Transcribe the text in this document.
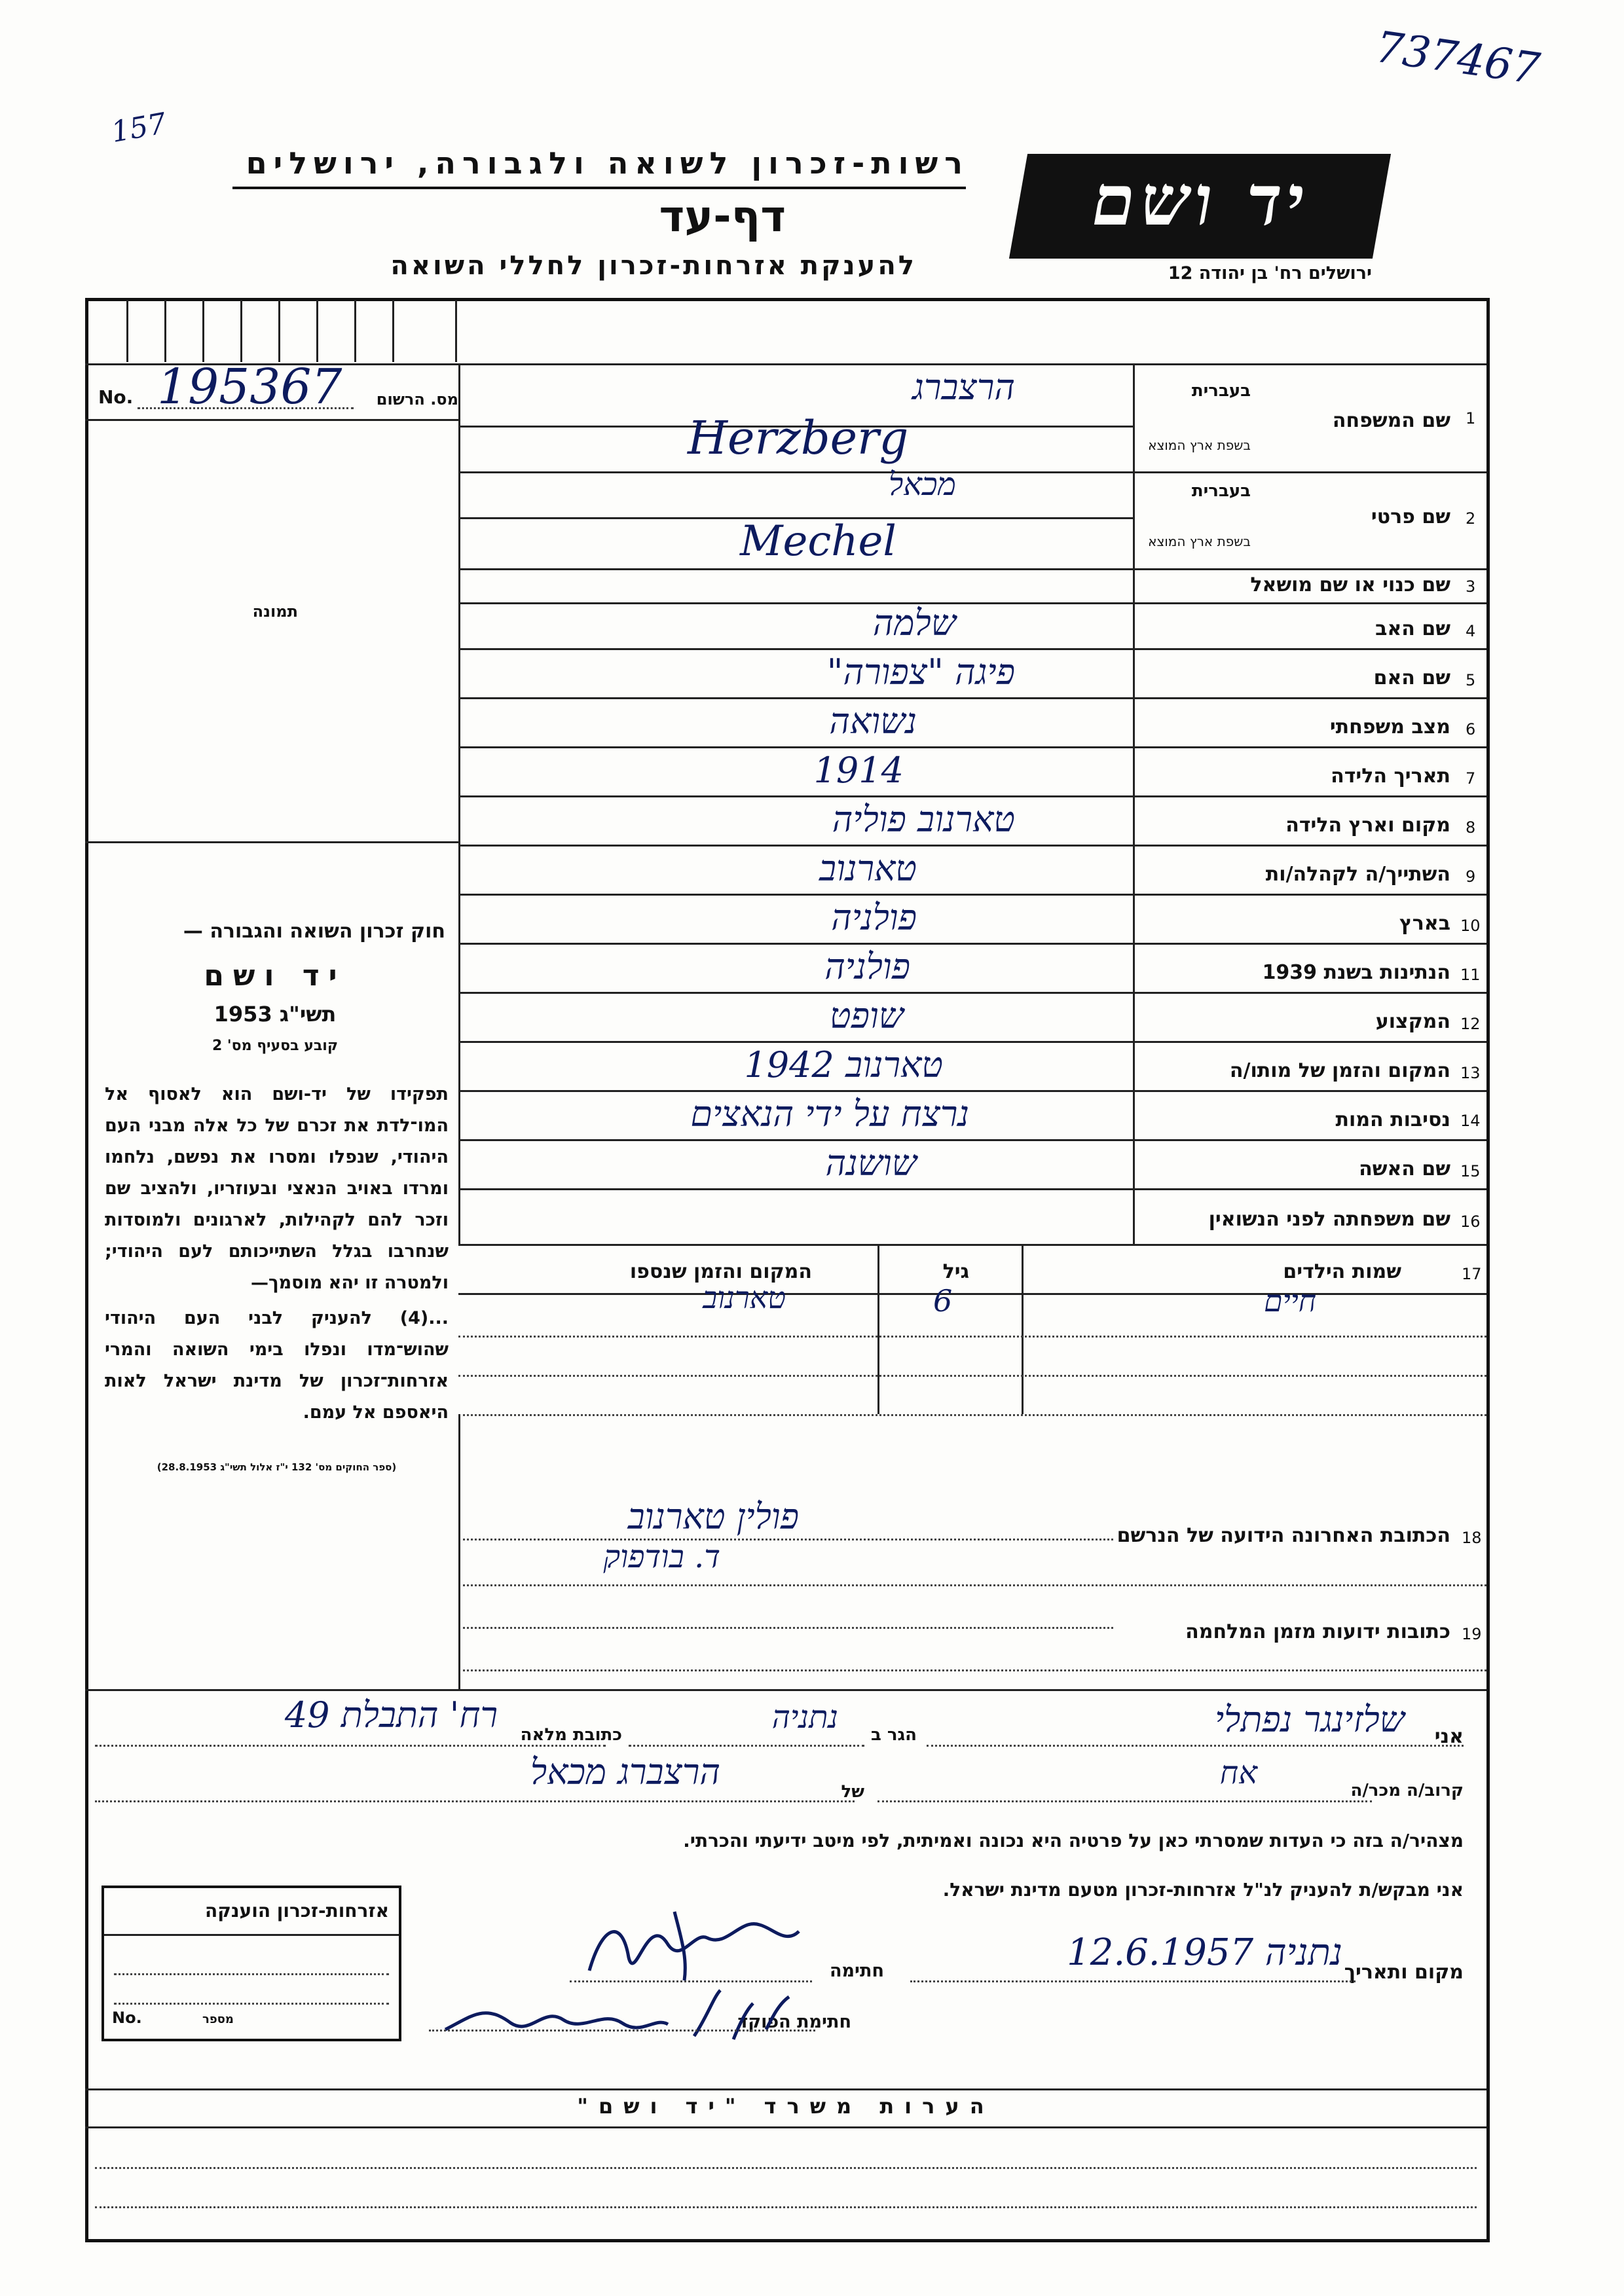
157
737467
רשות-זכרון לשואה ולגבורה, ירושלים
דף-עד
להענקת אזרחות-זכרון לחללי השואה
יד ושם
ירושלים רח' בן יהודה 12
No. 195367 מס. הרשום
תמונה
חוק זכרון השואה והגבורה —
יד ושם
תשי"ג 1953
קובע בסעיף מס' 2
תפקידו של יד-ושם הוא לאסוף אל המו־לדת את זכרם של כל אלה מבני העם היהודי, שנפלו ומסרו את נפשם, נלחמו ומרדו באויב הנאצי ובעוזריו, ולהציב שם וזכר להם לקהילות, לארגונים ולמוסדות שנחרבו בגלל השתייכותם לעם היהודי; ולמטרה זו יהא מוסמך—
...(4) להעניק לבני העם היהודי שהוש־מדו ונפלו בימי השואה והמרי אזרחות־זכרון של מדינת ישראל לאות היאספם אל עמם.
(ספר החוקים מס' 132 י"ז אלול תשי"ג 28.8.1953)
1
שם המשפחה
בעברית
בשפת ארץ המוצא
הרצברג
Herzberg
2
שם פרטי
בעברית
בשפת ארץ המוצא
מכאל
Mechel
3
שם כנוי או שם מושאל
4
שם האב
שלמה
5
שם האם
פיגה "צפורה"
6
מצב משפחתי
נשואה
7
תאריך הלידה
1914
8
מקום וארץ הלידה
טארנוב פוליה
9
השתייך/ה לקהלה/ות
טארנוב
10
בארץ
פולניה
11
הנתינות בשנת 1939
פולניה
12
המקצוע
שופט
13
המקום והזמן של מותו/ה
טארנוב 1942
14
נסיבות המות
נרצח על ידי הנאצים
15
שם האשה
שושנה
16
שם משפחתה לפני הנשואין
17
שמות הילדים
גיל
המקום והזמן שנספו
חיים
6
טארנוב
18
הכתובת האחרונה הידועה של הנרשם
פולין טארנוב
ד. בודפוק
19
כתובות ידועות מזמן המלחמה
אני
שלזינגר נפתלי
הגר ב
נתניה
כתובת מלאה
רח' התבלת 49
קרוב/ה מכר/ה
אח
של
הרצברג מכאל
מצהיר/ה בזה כי העדות שמסרתי כאן על פרטיה היא נכונה ואמיתית, לפי מיטב ידיעתי והכרתי.
אני מבקש/ת להעניק לנ"ל אזרחות-זכרון מטעם מדינת ישראל.
מקום ותאריך
נתניה 12.6.1957
חתימה
חתימת הפוקד
אזרחות-זכרון הוענקה
No.	מספר
הערות משרד "יד ושם"
